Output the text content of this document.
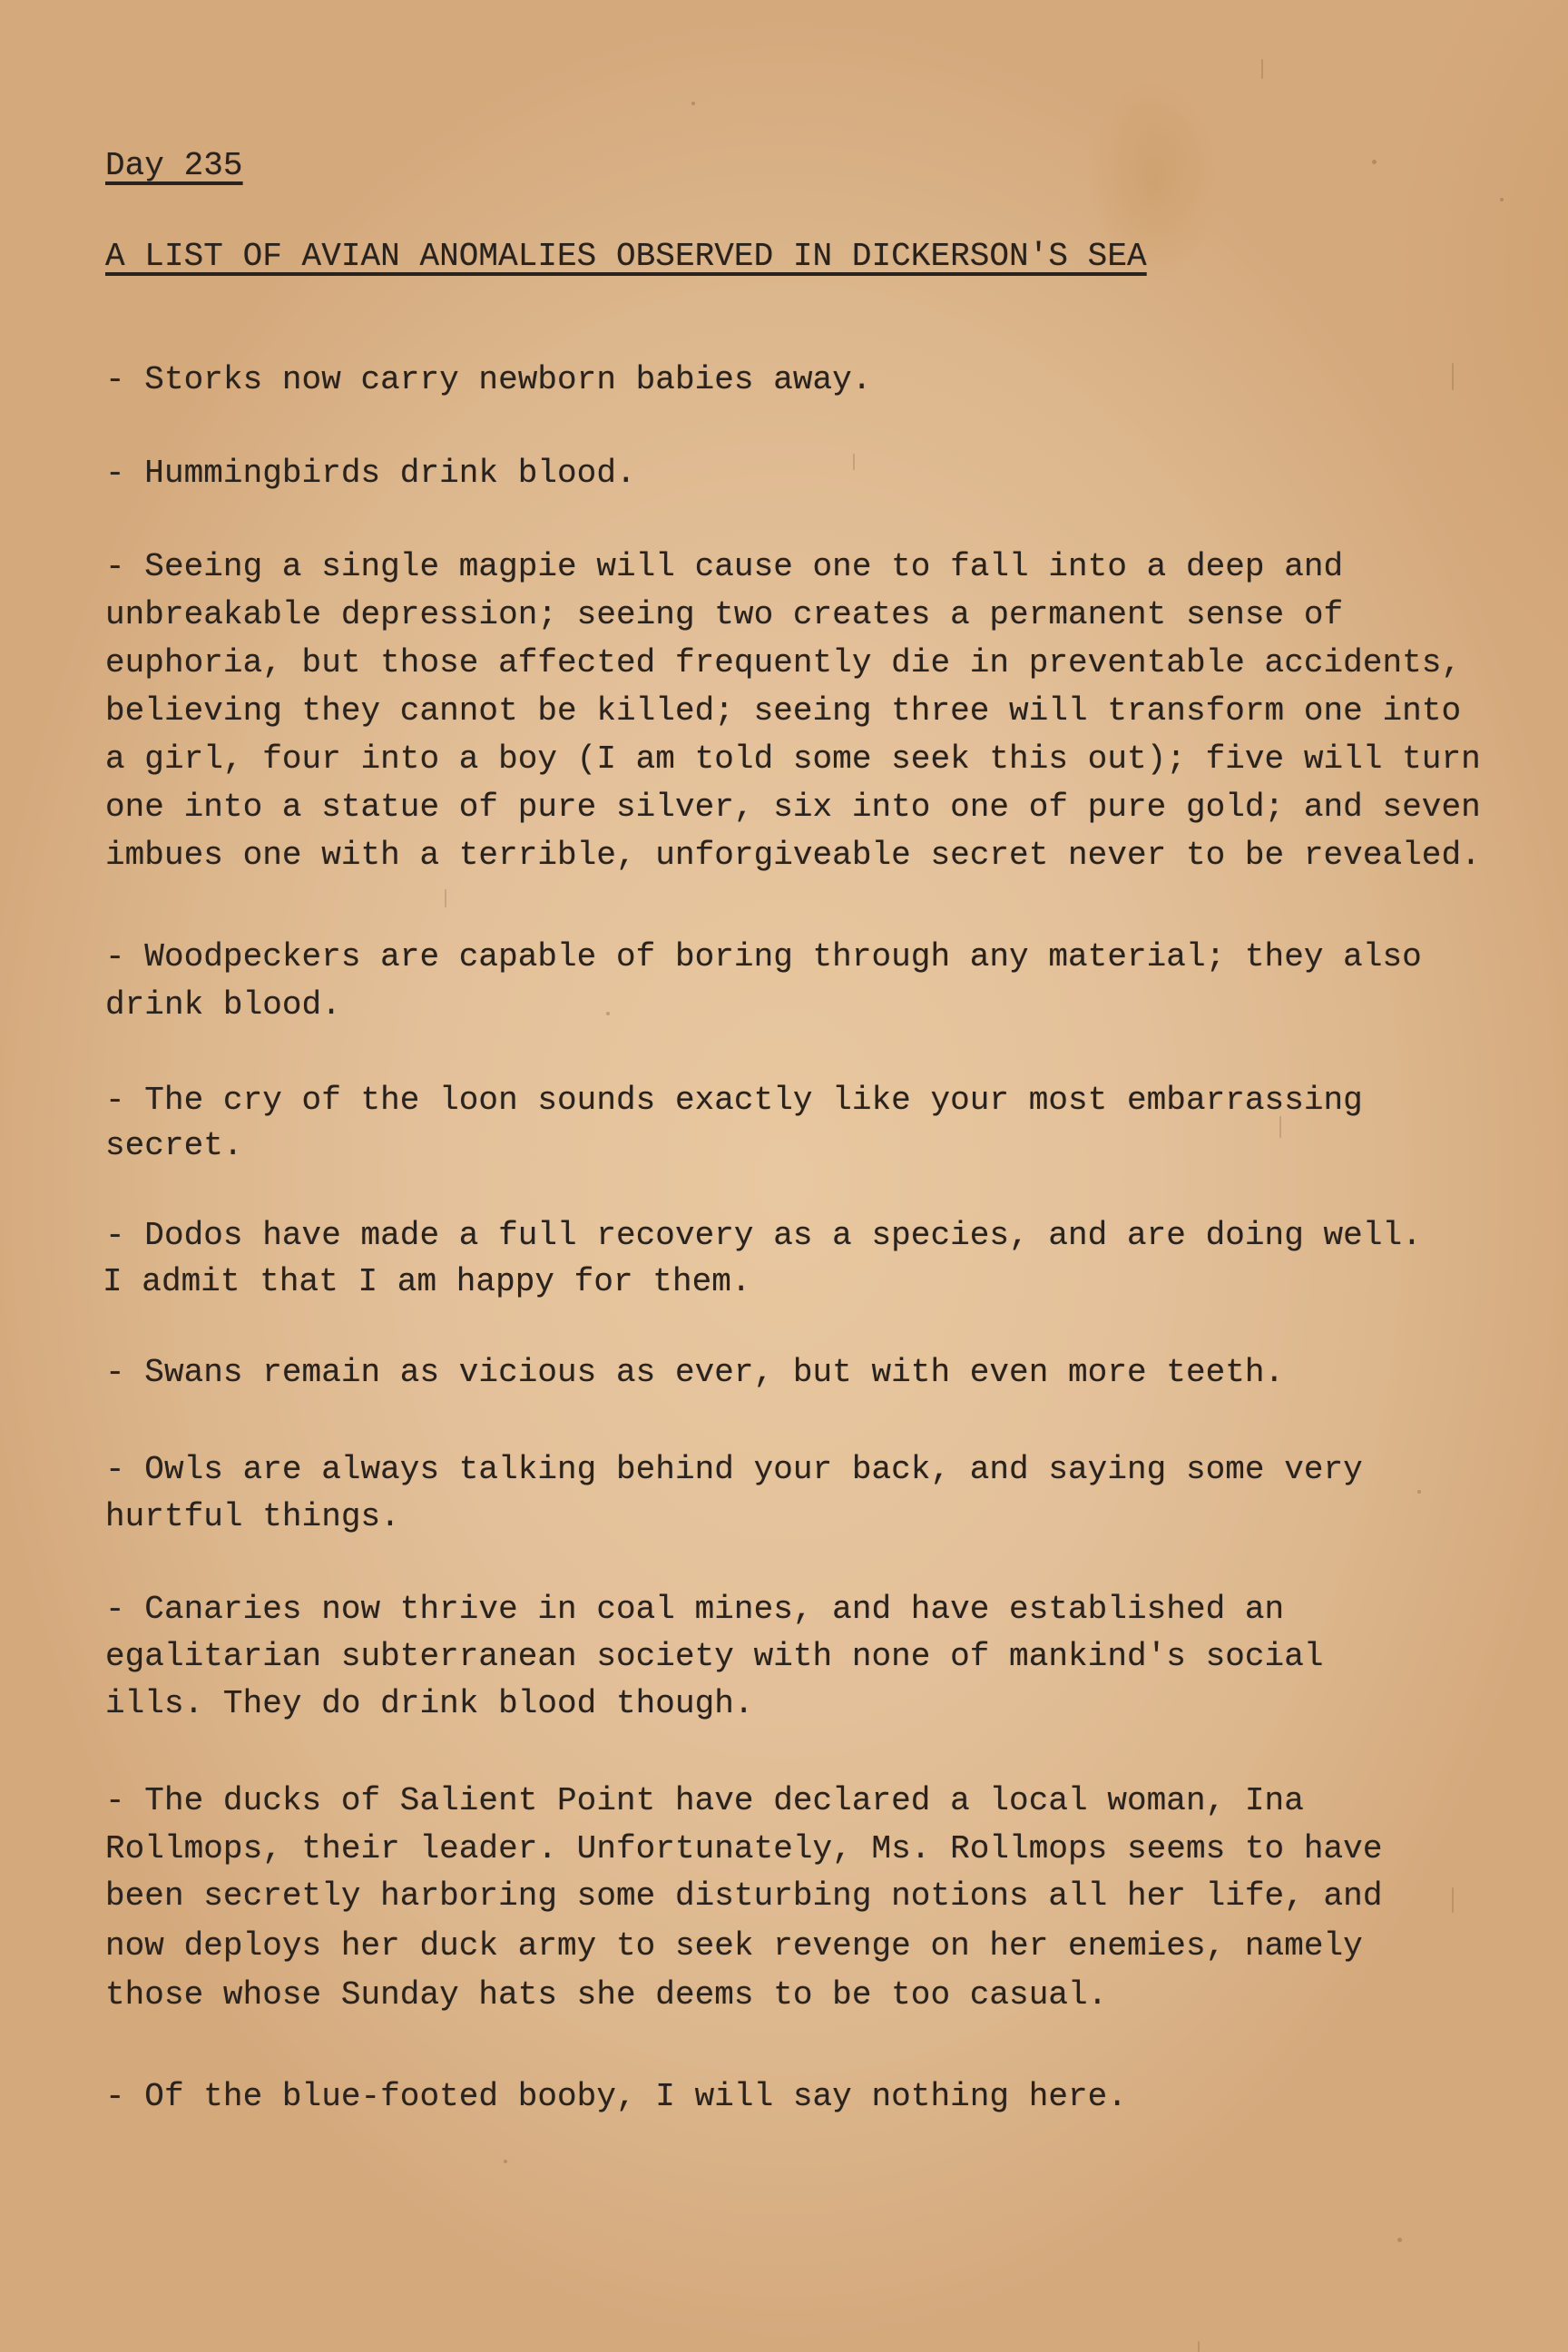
Day 235
A LIST OF AVIAN ANOMALIES OBSERVED IN DICKERSON'S SEA
- Storks now carry newborn babies away.
- Hummingbirds drink blood.
- Seeing a single magpie will cause one to fall into a deep and
unbreakable depression; seeing two creates a permanent sense of
euphoria, but those affected frequently die in preventable accidents,
believing they cannot be killed; seeing three will transform one into
a girl, four into a boy (I am told some seek this out); five will turn
one into a statue of pure silver, six into one of pure gold; and seven
imbues one with a terrible, unforgiveable secret never to be revealed.
- Woodpeckers are capable of boring through any material; they also
drink blood.
- The cry of the loon sounds exactly like your most embarrassing
secret.
- Dodos have made a full recovery as a species, and are doing well.
I admit that I am happy for them.
- Swans remain as vicious as ever, but with even more teeth.
- Owls are always talking behind your back, and saying some very
hurtful things.
- Canaries now thrive in coal mines, and have established an
egalitarian subterranean society with none of mankind's social
ills. They do drink blood though.
- The ducks of Salient Point have declared a local woman, Ina
Rollmops, their leader. Unfortunately, Ms. Rollmops seems to have
been secretly harboring some disturbing notions all her life, and
now deploys her duck army to seek revenge on her enemies, namely
those whose Sunday hats she deems to be too casual.
- Of the blue-footed booby, I will say nothing here.
